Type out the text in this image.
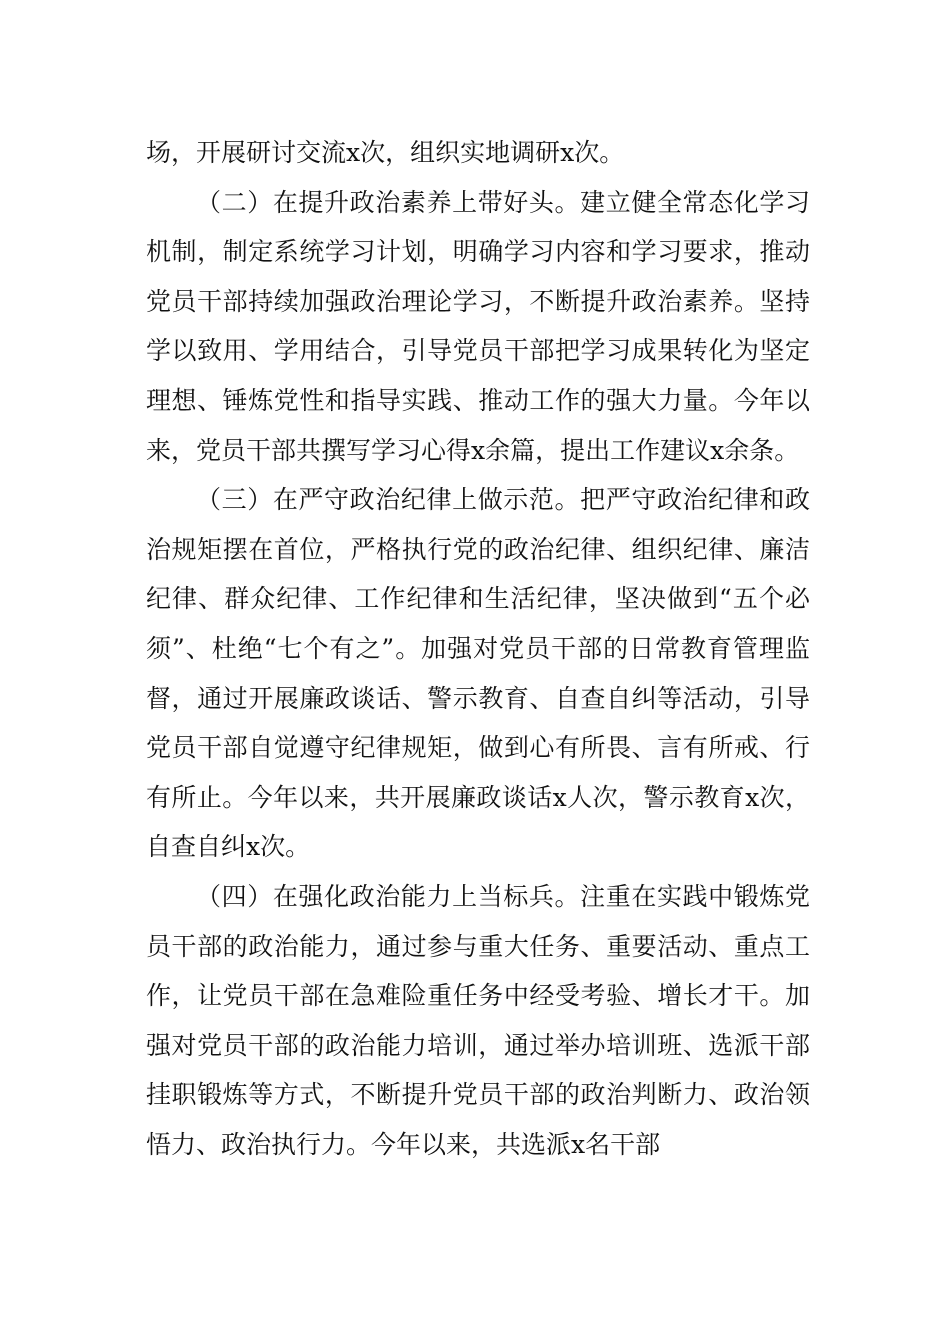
场，开展研讨交流x次，组织实地调研x次。

（二）在提升政治素养上带好头。建立健全常态化学习机制，制定系统学习计划，明确学习内容和学习要求，推动党员干部持续加强政治理论学习，不断提升政治素养。坚持学以致用、学用结合，引导党员干部把学习成果转化为坚定理想、锤炼党性和指导实践、推动工作的强大力量。今年以来，党员干部共撰写学习心得x余篇，提出工作建议x余条。

（三）在严守政治纪律上做示范。把严守政治纪律和政治规矩摆在首位，严格执行党的政治纪律、组织纪律、廉洁纪律、群众纪律、工作纪律和生活纪律，坚决做到“五个必须”、杜绝“七个有之”。加强对党员干部的日常教育管理监督，通过开展廉政谈话、警示教育、自查自纠等活动，引导党员干部自觉遵守纪律规矩，做到心有所畏、言有所戒、行有所止。今年以来，共开展廉政谈话x人次，警示教育x次，自查自纠x次。

（四）在强化政治能力上当标兵。注重在实践中锻炼党员干部的政治能力，通过参与重大任务、重要活动、重点工作，让党员干部在急难险重任务中经受考验、增长才干。加强对党员干部的政治能力培训，通过举办培训班、选派干部挂职锻炼等方式，不断提升党员干部的政治判断力、政治领悟力、政治执行力。今年以来，共选派x名干部
